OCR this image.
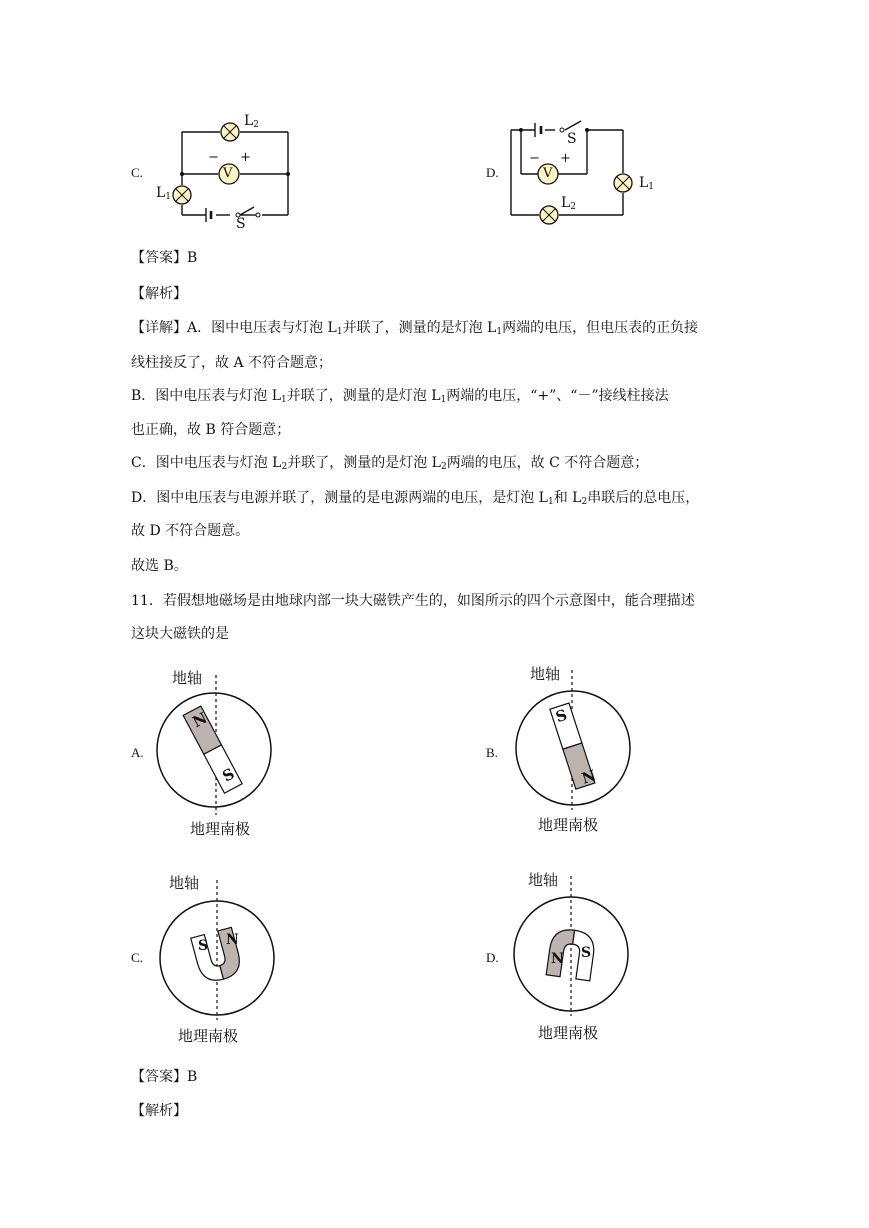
C.	V
− +
$L_2$
$L_1$
S
D.	V
− +
S
$L_1$
$L_2$
【答案】B
【解析】
【详解】A．图中电压表与灯泡 $L_1$并联了，测量的是灯泡 $L_1$两端的电压，但电压表的正负接
线柱接反了，故 A 不符合题意；
B．图中电压表与灯泡 $L_1$并联了，测量的是灯泡 $L_1$两端的电压，“+”、“－”接线柱接法
也正确，故 B 符合题意；
C．图中电压表与灯泡 $L_2$并联了，测量的是灯泡 $L_2$两端的电压，故 C 不符合题意；
D．图中电压表与电源并联了，测量的是电源两端的电压，是灯泡 $L_1$和 $L_2$串联后的总电压，
故 D 不符合题意。
故选 B。
11．若假想地磁场是由地球内部一块大磁铁产生的，如图所示的四个示意图中，能合理描述
这块大磁铁的是
A.
地轴
地理南极
N
S
B.
地轴
地理南极
S
N
C.
地轴
地理南极
S N
D.
地轴
地理南极
N S
【答案】B
【解析】
